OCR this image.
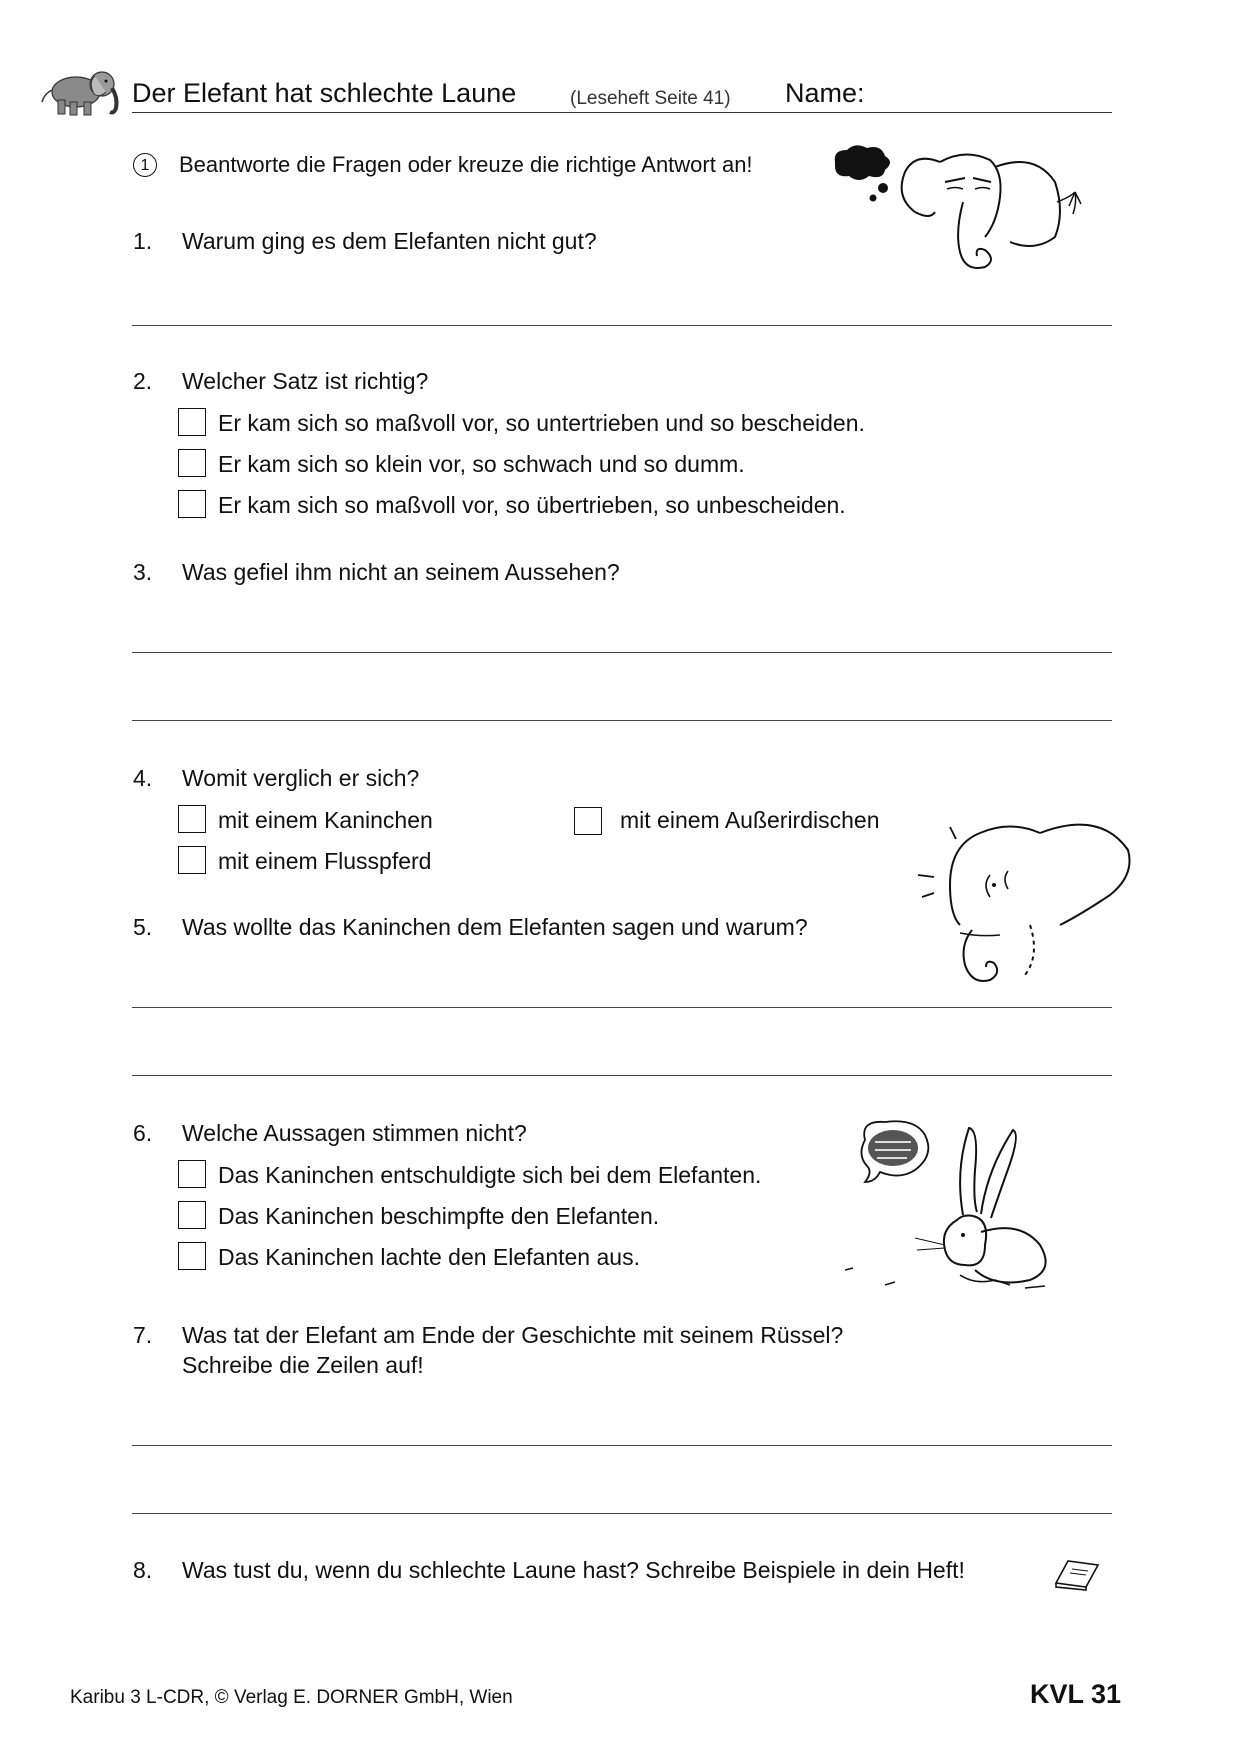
Der Elefant hat schlechte Laune	(Leseheft Seite 41) Name:
1	Beantworte die Fragen oder kreuze die richtige Antwort an!
1. Warum ging es dem Elefanten nicht gut?
2. Welcher Satz ist richtig?
Er kam sich so maßvoll vor, so untertrieben und so bescheiden.
Er kam sich so klein vor, so schwach und so dumm.
Er kam sich so maßvoll vor, so übertrieben, so unbescheiden.
3. Was gefiel ihm nicht an seinem Aussehen?
4. Womit verglich er sich?
mit einem Kaninchen	mit einem Außerirdischen
mit einem Flusspferd
5. Was wollte das Kaninchen dem Elefanten sagen und warum?
6. Welche Aussagen stimmen nicht?
Das Kaninchen entschuldigte sich bei dem Elefanten.
Das Kaninchen beschimpfte den Elefanten.
Das Kaninchen lachte den Elefanten aus.
7. Was tat der Elefant am Ende der Geschichte mit seinem Rüssel?
Schreibe die Zeilen auf!
8. Was tust du, wenn du schlechte Laune hast? Schreibe Beispiele in dein Heft!
Karibu 3 L-CDR, © Verlag E. DORNER GmbH, Wien	KVL 31
